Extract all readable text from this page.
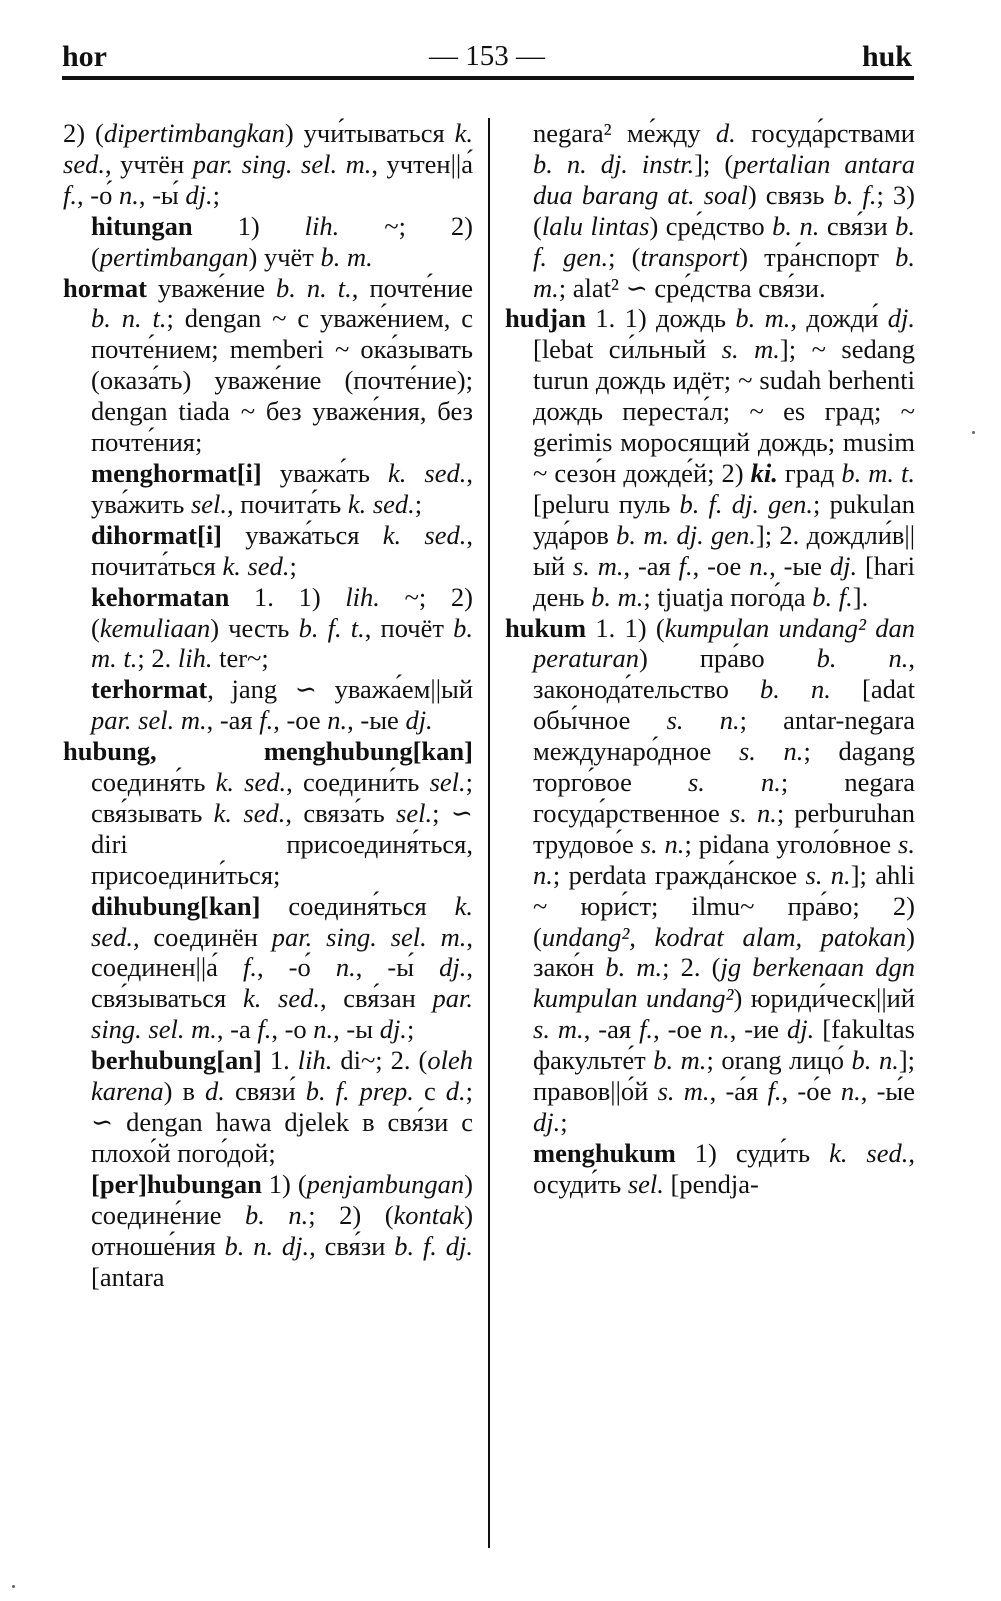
hor	— 153 —	huk

2) (dipertimbangkan) учи́тываться k. sed., учтён par. sing. sel. m., учтен||а́ f., -о́ n., -ы́ dj.;

hitungan 1) lih. ~; 2) (pertimbangan) учёт b. m.

hormat уваже́ние b. n. t., почте́ние b. n. t.; dengan ~ с уваже́нием, с почте́нием; memberi ~ ока́зывать (оказа́ть) уваже́ние (почте́ние); dengan tiada ~ без уваже́ния, без почте́ния;

menghormat[i] уважа́ть k. sed., ува́жить sel., почита́ть k. sed.;

dihormat[i] уважа́ться k. sed., почита́ться k. sed.;

kehormatan 1. 1) lih. ~; 2) (kemuliaan) честь b. f. t., почёт b. m. t.; 2. lih. ter~;

terhormat, jang ∽ уважа́ем||ый par. sel. m., -ая f., -ое n., -ые dj.

hubung, menghubung[kan] соединя́ть k. sed., соедини́ть sel.; свя́зывать k. sed., связа́ть sel.; ∽ diri присоединя́ться, присоедини́ться;

dihubung[kan] соединя́ться k. sed., соединён par. sing. sel. m., соединен||а́ f., -о́ n., -ы́ dj., свя́зываться k. sed., свя́зан par. sing. sel. m., -а f., -о n., -ы dj.;

berhubung[an] 1. lih. di~; 2. (oleh karena) в d. связи́ b. f. prep. с d.; ∽ dengan hawa djelek в свя́зи с плохо́й пого́дой;

[per]hubungan 1) (penjambungan) соедине́ние b. n.; 2) (kontak) отноше́ния b. n. dj., свя́зи b. f. dj. [antara

negara² ме́жду d. госуда́рствами b. n. dj. instr.]; (pertalian antara dua barang at. soal) связь b. f.; 3) (lalu lintas) сре́дство b. n. свя́зи b. f. gen.; (transport) тра́нспорт b. m.; alat² ∽ сре́дства свя́зи.

hudjan 1. 1) дождь b. m., дожди́ dj. [lebat си́льный s. m.]; ~ sedang turun дождь идёт; ~ sudah berhenti дождь переста́л; ~ es град; ~ gerimis моросящий дождь; musim ~ сезо́н дожде́й; 2) ki. град b. m. t. [peluru пуль b. f. dj. gen.; pukulan уда́ров b. m. dj. gen.]; 2. дождли́в||ый s. m., -ая f., -ое n., -ые dj. [hari день b. m.; tjuatja пого́да b. f.].

hukum 1. 1) (kumpulan undang² dan peraturan) пра́во b. n., законода́тельство b. n. [adat обы́чное s. n.; antar-negara междунаро́дное s. n.; dagang торго́вое s. n.; negara госуда́рственное s. n.; perburuhan трудово́е s. n.; pidana уголо́вное s. n.; perdata гражда́нское s. n.]; ahli ~ юри́ст; ilmu~ пра́во; 2) (undang², kodrat alam, patokan) зако́н b. m.; 2. (jg berkenaan dgn kumpulan undang²) юриди́ческ||ий s. m., -ая f., -ое n., -ие dj. [fakultas факульте́т b. m.; orang лицо́ b. n.]; правов||о́й s. m., -а́я f., -о́е n., -ы́е dj.;

menghukum 1) суди́ть k. sed., осуди́ть sel. [pendja-
